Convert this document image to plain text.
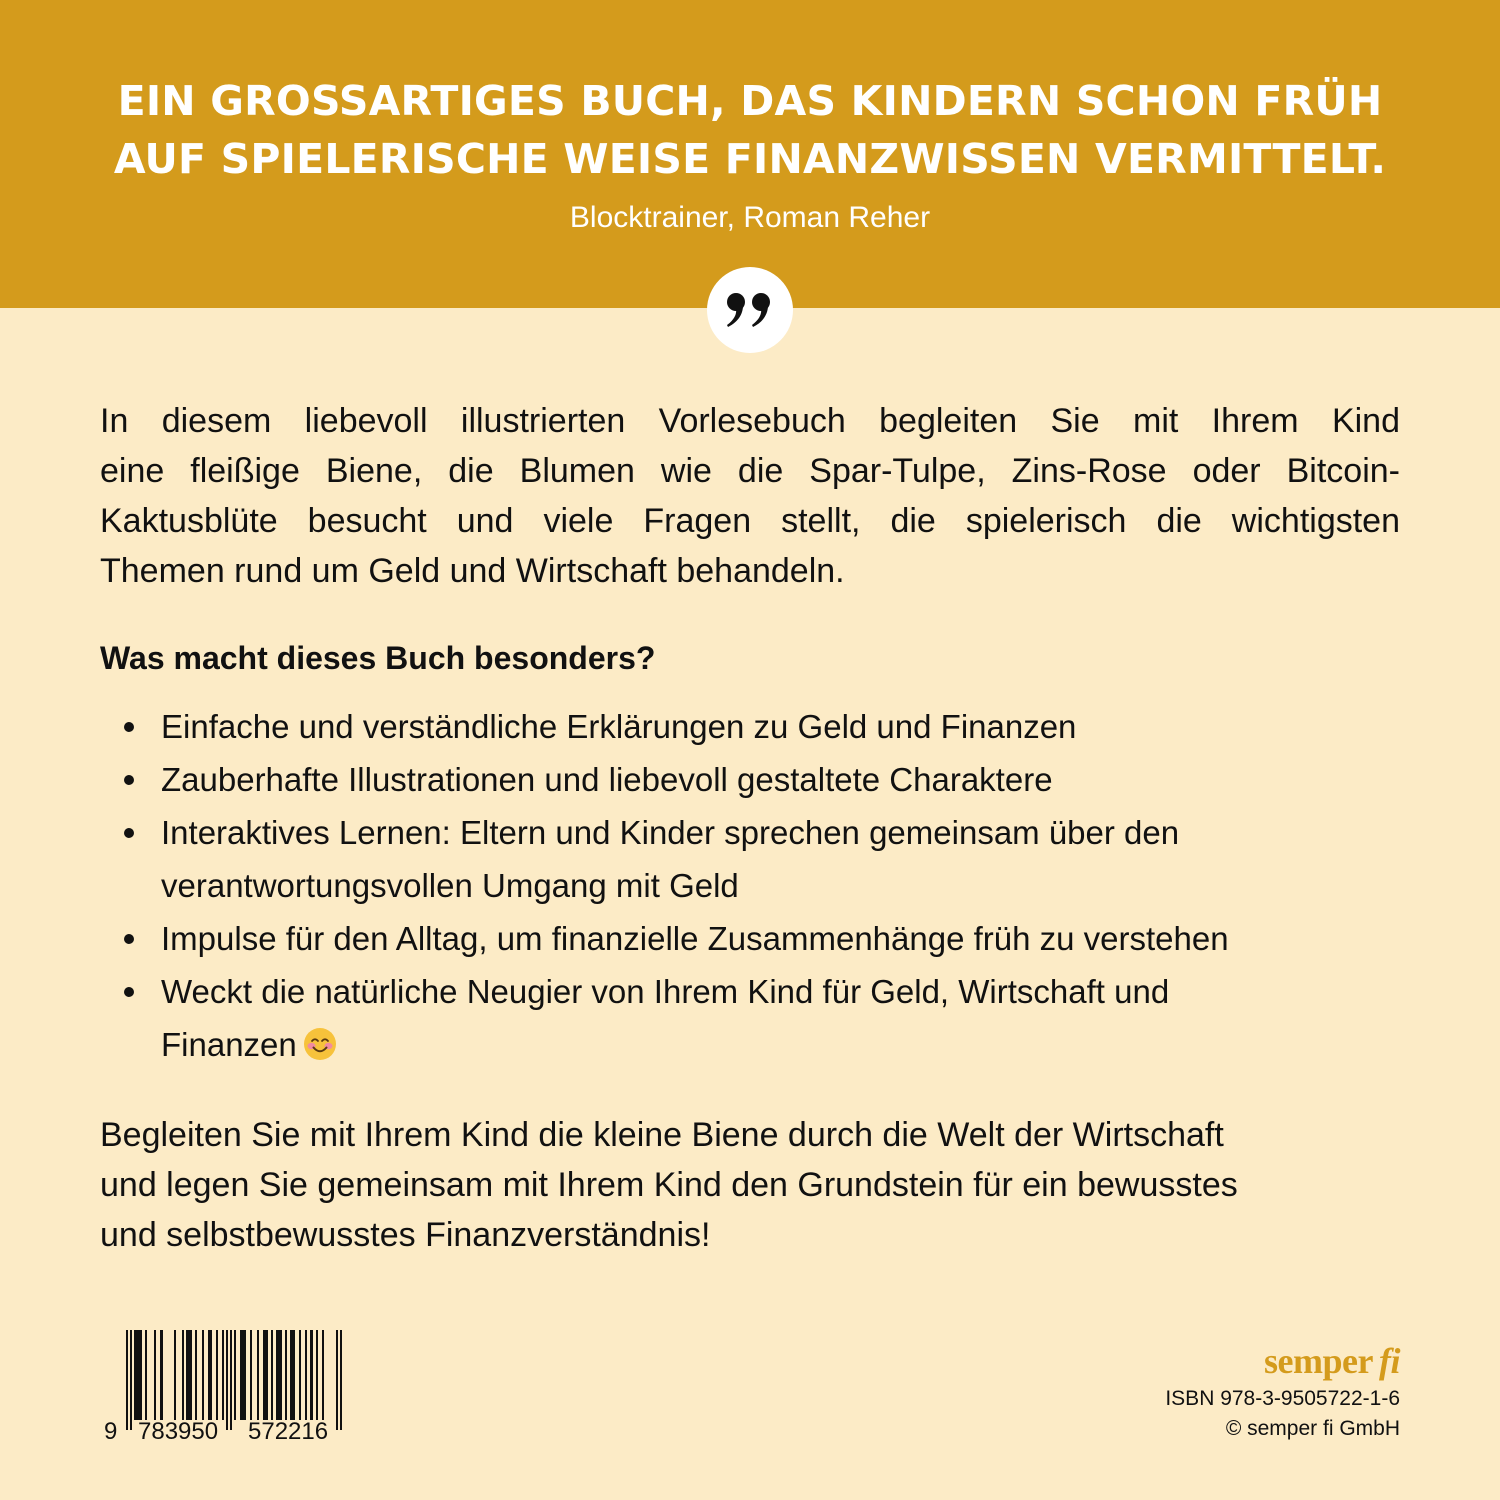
EIN GROSSARTIGES BUCH, DAS KINDERN SCHON FRÜH
AUF SPIELERISCHE WEISE FINANZWISSEN VERMITTELT.
Blocktrainer, Roman Reher
In diesem liebevoll illustrierten Vorlesebuch begleiten Sie mit Ihrem Kind
eine fleißige Biene, die Blumen wie die Spar-Tulpe, Zins-Rose oder Bitcoin-
Kaktusblüte besucht und viele Fragen stellt, die spielerisch die wichtigsten
Themen rund um Geld und Wirtschaft behandeln.
Was macht dieses Buch besonders?
Einfache und verständliche Erklärungen zu Geld und Finanzen
Zauberhafte Illustrationen und liebevoll gestaltete Charaktere
Interaktives Lernen: Eltern und Kinder sprechen gemeinsam über den
verantwortungsvollen Umgang mit Geld
Impulse für den Alltag, um finanzielle Zusammenhänge früh zu verstehen
Weckt die natürliche Neugier von Ihrem Kind für Geld, Wirtschaft und
Finanzen
Begleiten Sie mit Ihrem Kind die kleine Biene durch die Welt der Wirtschaft
und legen Sie gemeinsam mit Ihrem Kind den Grundstein für ein bewusstes
und selbstbewusstes Finanzverständnis!
9 783950 572216
semper fi
ISBN 978-3-9505722-1-6
© semper fi GmbH
